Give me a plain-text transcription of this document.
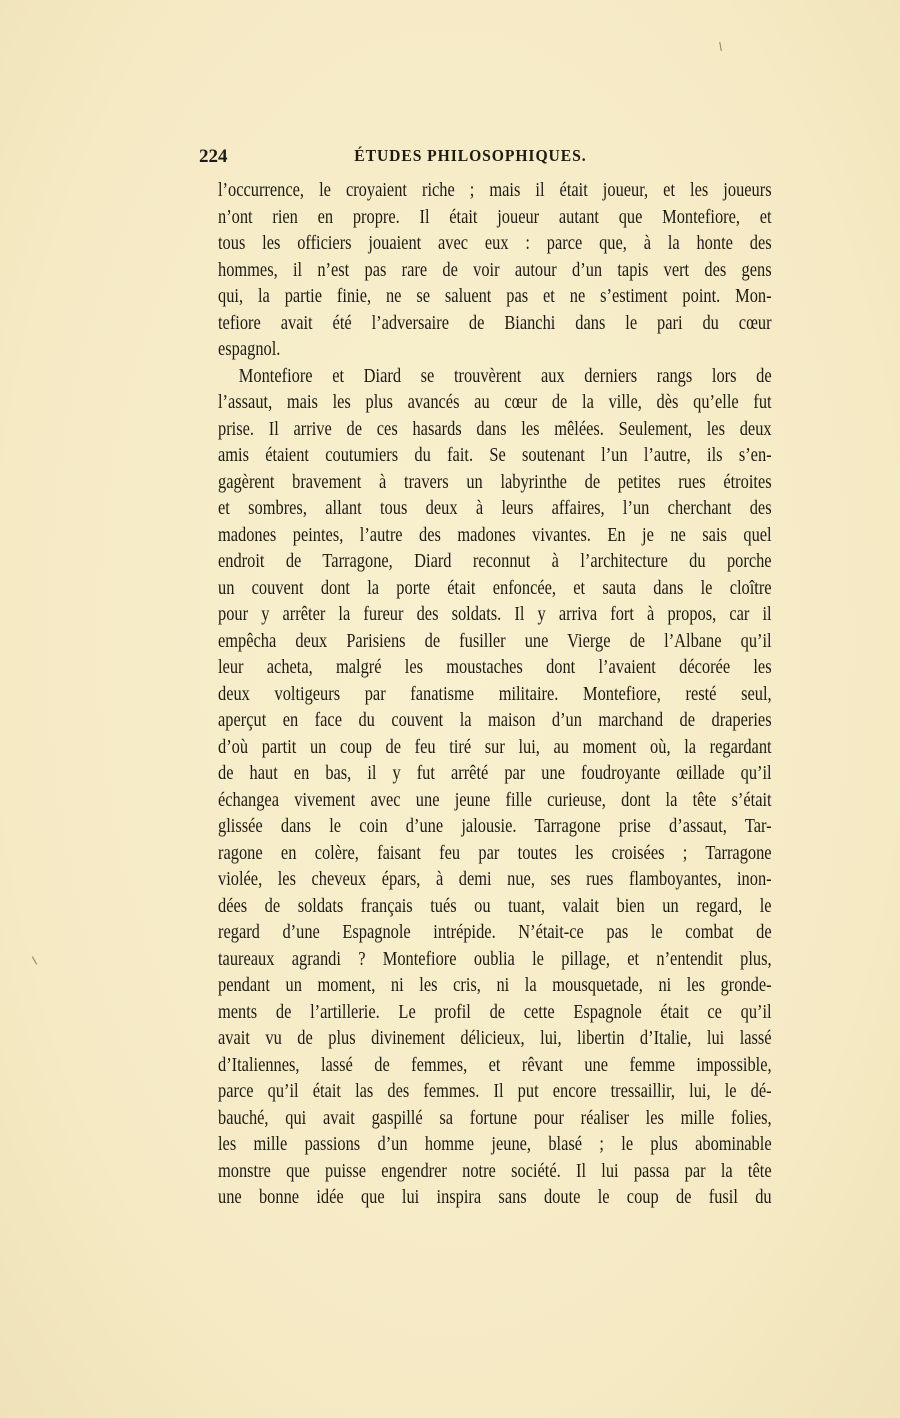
224	ÉTUDES PHILOSOPHIQUES.
l’occurrence, le croyaient riche ; mais il était joueur, et les joueurs
n’ont rien en propre. Il était joueur autant que Montefiore, et
tous les officiers jouaient avec eux : parce que, à la honte des
hommes, il n’est pas rare de voir autour d’un tapis vert des gens
qui, la partie finie, ne se saluent pas et ne s’estiment point. Mon-
tefiore avait été l’adversaire de Bianchi dans le pari du cœur
espagnol.
Montefiore et Diard se trouvèrent aux derniers rangs lors de
l’assaut, mais les plus avancés au cœur de la ville, dès qu’elle fut
prise. Il arrive de ces hasards dans les mêlées. Seulement, les deux
amis étaient coutumiers du fait. Se soutenant l’un l’autre, ils s’en-
gagèrent bravement à travers un labyrinthe de petites rues étroites
et sombres, allant tous deux à leurs affaires, l’un cherchant des
madones peintes, l’autre des madones vivantes. En je ne sais quel
endroit de Tarragone, Diard reconnut à l’architecture du porche
un couvent dont la porte était enfoncée, et sauta dans le cloître
pour y arrêter la fureur des soldats. Il y arriva fort à propos, car il
empêcha deux Parisiens de fusiller une Vierge de l’Albane qu’il
leur acheta, malgré les moustaches dont l’avaient décorée les
deux voltigeurs par fanatisme militaire. Montefiore, resté seul,
aperçut en face du couvent la maison d’un marchand de draperies
d’où partit un coup de feu tiré sur lui, au moment où, la regardant
de haut en bas, il y fut arrêté par une foudroyante œillade qu’il
échangea vivement avec une jeune fille curieuse, dont la tête s’était
glissée dans le coin d’une jalousie. Tarragone prise d’assaut, Tar-
ragone en colère, faisant feu par toutes les croisées ; Tarragone
violée, les cheveux épars, à demi nue, ses rues flamboyantes, inon-
dées de soldats français tués ou tuant, valait bien un regard, le
regard d’une Espagnole intrépide. N’était-ce pas le combat de
taureaux agrandi ? Montefiore oublia le pillage, et n’entendit plus,
pendant un moment, ni les cris, ni la mousquetade, ni les gronde-
ments de l’artillerie. Le profil de cette Espagnole était ce qu’il
avait vu de plus divinement délicieux, lui, libertin d’Italie, lui lassé
d’Italiennes, lassé de femmes, et rêvant une femme impossible,
parce qu’il était las des femmes. Il put encore tressaillir, lui, le dé-
bauché, qui avait gaspillé sa fortune pour réaliser les mille folies,
les mille passions d’un homme jeune, blasé ; le plus abominable
monstre que puisse engendrer notre société. Il lui passa par la tête
une bonne idée que lui inspira sans doute le coup de fusil du
